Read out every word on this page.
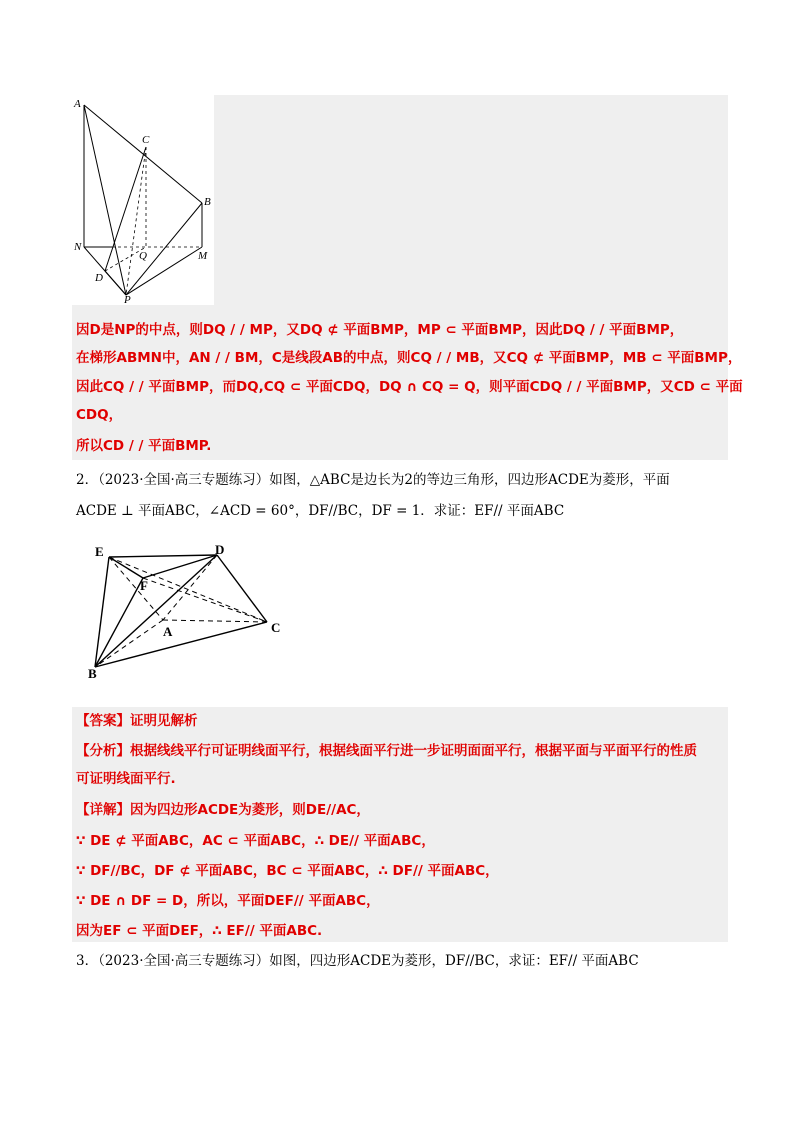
A
C
B
N
Q	M
D
P
因D是NP的中点，则DQ / / MP，又DQ ⊄ 平面BMP，MP ⊂ 平面BMP，因此DQ / / 平面BMP，
在梯形ABMN中，AN / / BM，C是线段AB的中点，则CQ / / MB，又CQ ⊄ 平面BMP，MB ⊂ 平面BMP，
因此CQ / / 平面BMP，而DQ,CQ ⊂ 平面CDQ，DQ ∩ CQ = Q，则平面CDQ / / 平面BMP，又CD ⊂ 平面
CDQ，
所以CD / / 平面BMP.
2．（2023·全国·高三专题练习）如图，△ABC是边长为2的等边三角形，四边形ACDE为菱形，平面
ACDE ⊥ 平面ABC，∠ACD = 60°，DF//BC，DF = 1．求证：EF// 平面ABC
E	D
F
A	C
B
【答案】证明见解析
【分析】根据线线平行可证明线面平行，根据线面平行进一步证明面面平行，根据平面与平面平行的性质
可证明线面平行.
【详解】因为四边形ACDE为菱形，则DE//AC，
∵ DE ⊄ 平面ABC，AC ⊂ 平面ABC，∴ DE// 平面ABC，
∵ DF//BC，DF ⊄ 平面ABC，BC ⊂ 平面ABC，∴ DF// 平面ABC，
∵ DE ∩ DF = D，所以，平面DEF// 平面ABC，
因为EF ⊂ 平面DEF，∴ EF// 平面ABC.
3．（2023·全国·高三专题练习）如图，四边形ACDE为菱形，DF//BC，求证：EF// 平面ABC
